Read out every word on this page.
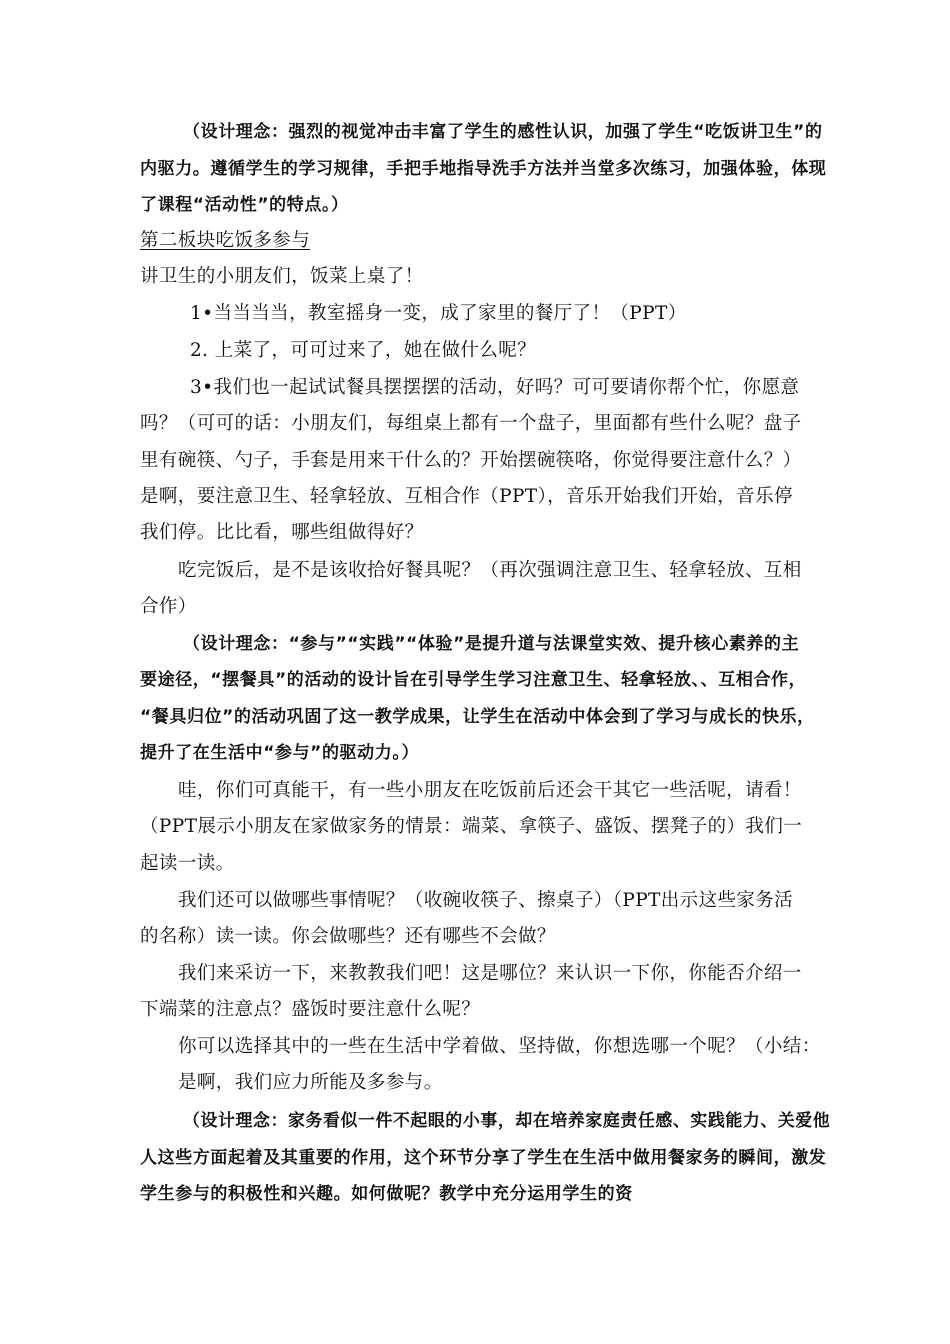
（设计理念：强烈的视觉冲击丰富了学生的感性认识，加强了学生“吃饭讲卫生”的
内驱力。遵循学生的学习规律，手把手地指导洗手方法并当堂多次练习，加强体验，体现
了课程“活动性”的特点。）
第二板块吃饭多参与
讲卫生的小朋友们，饭菜上桌了！
1•当当当当，教室摇身一变，成了家里的餐厅了！（PPT）
2. 上菜了，可可过来了，她在做什么呢？
3•我们也一起试试餐具摆摆摆的活动，好吗？可可要请你帮个忙，你愿意
吗？（可可的话：小朋友们，每组桌上都有一个盘子，里面都有些什么呢？盘子
里有碗筷、勺子，手套是用来干什么的？开始摆碗筷咯，你觉得要注意什么？）
是啊，要注意卫生、轻拿轻放、互相合作（PPT），音乐开始我们开始，音乐停
我们停。比比看，哪些组做得好？
吃完饭后，是不是该收拾好餐具呢？（再次强调注意卫生、轻拿轻放、互相
合作）
（设计理念：“参与”“实践”“体验”是提升道与法课堂实效、提升核心素养的主
要途径，“摆餐具”的活动的设计旨在引导学生学习注意卫生、轻拿轻放、、互相合作，
“餐具归位”的活动巩固了这一教学成果，让学生在活动中体会到了学习与成长的快乐，
提升了在生活中“参与”的驱动力。）
哇，你们可真能干，有一些小朋友在吃饭前后还会干其它一些活呢，请看！
（PPT展示小朋友在家做家务的情景：端菜、拿筷子、盛饭、摆凳子的）我们一
起读一读。
我们还可以做哪些事情呢？（收碗收筷子、擦桌子）（PPT出示这些家务活
的名称）读一读。你会做哪些？还有哪些不会做？
我们来采访一下，来教教我们吧！这是哪位？来认识一下你，你能否介绍一
下端菜的注意点？盛饭时要注意什么呢？
你可以选择其中的一些在生活中学着做、坚持做，你想选哪一个呢？（小结：
是啊，我们应力所能及多参与。
（设计理念：家务看似一件不起眼的小事，却在培养家庭责任感、实践能力、关爱他
人这些方面起着及其重要的作用，这个环节分享了学生在生活中做用餐家务的瞬间，激发
学生参与的积极性和兴趣。如何做呢？教学中充分运用学生的资
